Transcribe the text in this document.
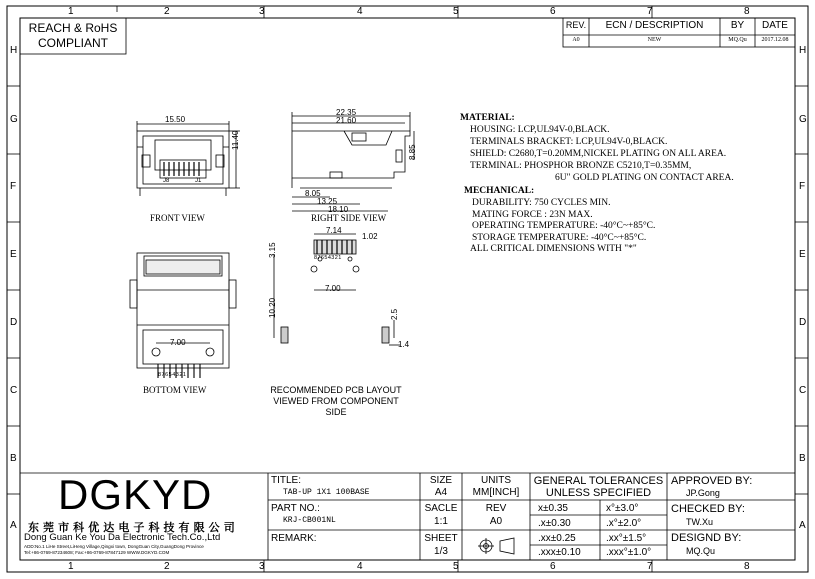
1	2	3	4	5	6	7	8
1	2	3	4	5	6	7	8
H
G
F
E
D
C
B
A
H
G
F
E
D
C
B
A
REACH & RoHS
COMPLIANT
REV.	ECN / DESCRIPTION	BY	DATE
A0	NEW	MQ.Qu	2017.12.08
15.50
11.40
J8	J1
22.35
21.60
8.85
8.05
13.25
18.10
7.00
87654321
7.14
1.02
87654321
3.15
7.00
10.20	2.5
1.4
FRONT VIEW	RIGHT SIDE VIEW
BOTTOM VIEW	RECOMMENDED PCB LAYOUT
VIEWED FROM COMPONENT SIDE
MATERIAL:
HOUSING: LCP,UL94V-0,BLACK.
TERMINALS BRACKET: LCP,UL94V-0,BLACK.
SHIELD: C2680,T=0.20MM,NICKEL PLATING ON ALL AREA.
TERMINAL: PHOSPHOR BRONZE C5210,T=0.35MM,
6U" GOLD PLATING ON CONTACT AREA.
MECHANICAL:
DURABILITY: 750 CYCLES MIN.
MATING FORCE : 23N MAX.
OPERATING TEMPERATURE: -40°C~+85°C.
STORAGE TEMPERATURE: -40°C~+85°C.
ALL CRITICAL DIMENSIONS WITH "*"
DGKYD
东 莞 市 科 优 达 电 子 科 技 有 限 公 司
Dong Guan Ke You Da Electronic Tech.Co.,Ltd
ADD:No.1 LiHe Street,LiHeng Village,Qingxi town, DongGuan City,GuangDong Province
Tel:+86-0769-87234608; Fax:+86-0769-87847129 WWW.DGKYD.COM
TITLE:
TAB-UP 1X1 100BASE
PART NO.:
KRJ-CB001NL
REMARK:
SIZE
A4
UNITS
MM[INCH]
SACLE
1:1
REV
A0
SHEET
1/3
GENERAL TOLERANCES
UNLESS SPECIFIED
x±0.35	x°±3.0°
.x±0.30	.x°±2.0°
.xx±0.25	.xx°±1.5°
.xxx±0.10	.xxx°±1.0°
APPROVED BY:
JP.Gong
CHECKED BY:
TW.Xu
DESIGND BY:
MQ.Qu
